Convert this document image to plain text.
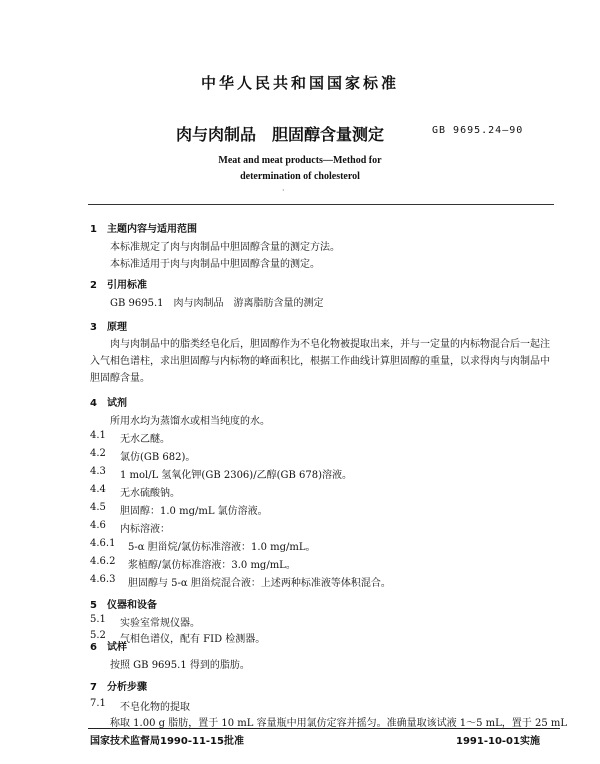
中华人民共和国国家标准
肉与肉制品　胆固醇含量测定	GB 9695.24—90
Meat and meat products—Method for
determination of cholesterol
·
1　主题内容与适用范围
本标准规定了肉与肉制品中胆固醇含量的测定方法。
本标准适用于肉与肉制品中胆固醇含量的测定。
2　引用标准
GB 9695.1　肉与肉制品　游离脂肪含量的测定
3　原理
肉与肉制品中的脂类经皂化后，胆固醇作为不皂化物被提取出来，并与一定量的内标物混合后一起注入气相色谱柱，求出胆固醇与内标物的峰面积比，根据工作曲线计算胆固醇的重量，以求得肉与肉制品中胆固醇含量。
4　试剂
所用水均为蒸馏水或相当纯度的水。
4.1 无水乙醚。
4.2 氯仿(GB 682)。
4.3 1 mol/L 氢氧化钾(GB 2306)/乙醇(GB 678)溶液。
4.4 无水硫酸钠。
4.5 胆固醇：1.0 mg/mL 氯仿溶液。
4.6 内标溶液：
4.6.1 5-α 胆甾烷/氯仿标准溶液：1.0 mg/mL。
4.6.2 浆植醇/氯仿标准溶液：3.0 mg/mL。
4.6.3 胆固醇与 5-α 胆甾烷混合液：上述两种标准液等体积混合。
5　仪器和设备
5.1 实验室常规仪器。
5.2 气相色谱仪，配有 FID 检测器。
6　试样
按照 GB 9695.1 得到的脂肪。
7　分析步骤
7.1 不皂化物的提取
国家技术监督局1990-11-15批准	1991-10-01实施
称取 1.00 g 脂肪，置于 10 mL 容量瓶中用氯仿定容并摇匀。准确量取该试液 1～5 mL，置于 25 mL
